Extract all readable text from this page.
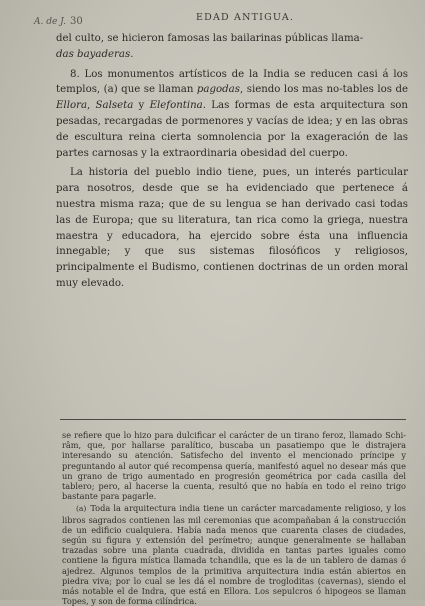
EDAD ANTIGUA.
A. de J. 30

del culto, se hicieron famosas las bailarinas públicas llama-
das bayaderas.

8. Los monumentos artísticos de la India se reducen casi á los templos, (a) que se llaman pagodas, siendo los mas no-tables los de Ellora, Salseta y Elefontina. Las formas de esta arquitectura son pesadas, recargadas de pormenores y vacías de idea; y en las obras de escultura reina cierta somnolencia por la exageración de las partes carnosas y la extraordinaria obesidad del cuerpo.

La historia del pueblo indio tiene, pues, un interés particular para nosotros, desde que se ha evidenciado que pertenece á nuestra misma raza; que de su lengua se han derivado casi todas las de Europa; que su literatura, tan rica como la griega, nuestra maestra y educadora, ha ejercido sobre ésta una influencia innegable; y que sus sistemas filosóficos y religiosos, principalmente el Budismo, contienen doctrinas de un orden moral muy elevado.

se refiere que lo hizo para dulcificar el carácter de un tirano feroz, llamado Schi-râm, que, por hallarse paralítico, buscaba un pasatiempo que le distrajera interesando su atención. Satisfecho del invento el mencionado príncipe y preguntando al autor qué recompensa quería, manifestó aquel no desear más que un grano de trigo aumentado en progresión geométrica por cada casilla del tablero; pero, al hacerse la cuenta, resultó que no había en todo el reino trigo bastante para pagarle.

(a) Toda la arquitectura india tiene un carácter marcadamente religioso, y los libros sagrados contienen las mil ceremonias que acompañaban á la construcción de un edificio cualquiera. Había nada menos que cuarenta clases de ciudades, según su figura y extensión del perímetro; aunque generalmente se hallaban trazadas sobre una planta cuadrada, dividida en tantas partes iguales como contiene la figura mística llamada tchandila, que es la de un tablero de damas ó ajedrez. Algunos templos de la primitiva arquitectura india están abiertos en piedra viva; por lo cual se les dá el nombre de trogloditas (cavernas), siendo el más notable el de Indra, que está en Ellora. Los sepulcros ó hipogeos se llaman Topes, y son de forma cilíndrica.
